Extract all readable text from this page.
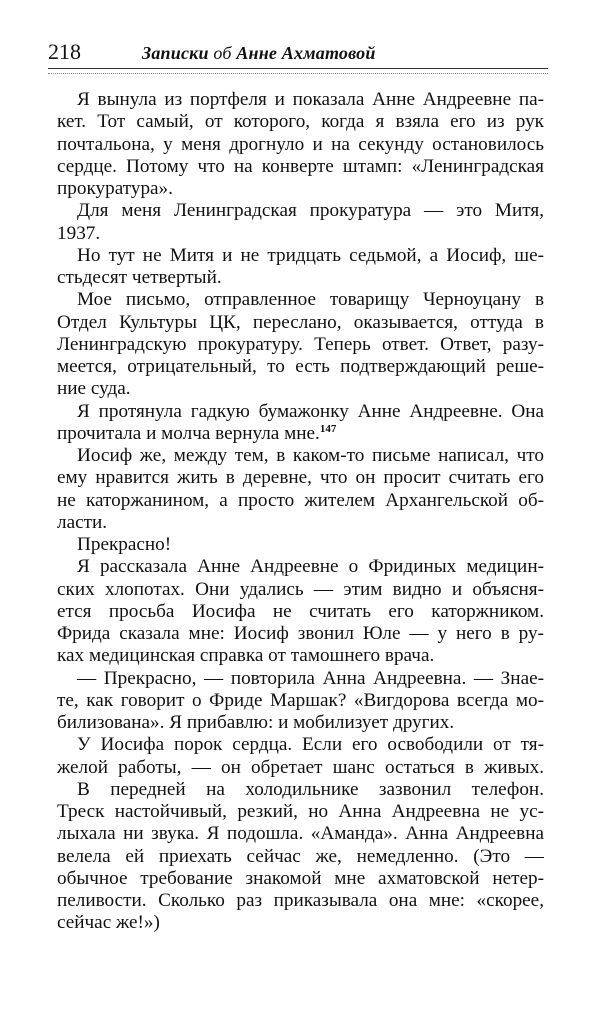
218	Записки об Анне Ахматовой
Я вынула из портфеля и показала Анне Андреевне па-
кет. Тот самый, от которого, когда я взяла его из рук
почтальона, у меня дрогнуло и на секунду остановилось
сердце. Потому что на конверте штамп: «Ленинградская
прокуратура».
Для меня Ленинградская прокуратура — это Митя,
1937.
Но тут не Митя и не тридцать седьмой, а Иосиф, ше-
стьдесят четвертый.
Мое письмо, отправленное товарищу Черноуцану в
Отдел Культуры ЦК, переслано, оказывается, оттуда в
Ленинградскую прокуратуру. Теперь ответ. Ответ, разу-
меется, отрицательный, то есть подтверждающий реше-
ние суда.
Я протянула гадкую бумажонку Анне Андреевне. Она
прочитала и молча вернула мне.$^{147}$
Иосиф же, между тем, в каком-то письме написал, что
ему нравится жить в деревне, что он просит считать его
не каторжанином, а просто жителем Архангельской об-
ласти.
Прекрасно!
Я рассказала Анне Андреевне о Фридиных медицин-
ских хлопотах. Они удались — этим видно и объясня-
ется просьба Иосифа не считать его каторжником.
Фрида сказала мне: Иосиф звонил Юле — у него в ру-
ках медицинская справка от тамошнего врача.
— Прекрасно, — повторила Анна Андреевна. — Знае-
те, как говорит о Фриде Маршак? «Вигдорова всегда мо-
билизована». Я прибавлю: и мобилизует других.
У Иосифа порок сердца. Если его освободили от тя-
желой работы, — он обретает шанс остаться в живых.
В передней на холодильнике зазвонил телефон.
Треск настойчивый, резкий, но Анна Андреевна не ус-
лыхала ни звука. Я подошла. «Аманда». Анна Андреевна
велела ей приехать сейчас же, немедленно. (Это —
обычное требование знакомой мне ахматовской нетер-
пеливости. Сколько раз приказывала она мне: «скорее,
сейчас же!»)
